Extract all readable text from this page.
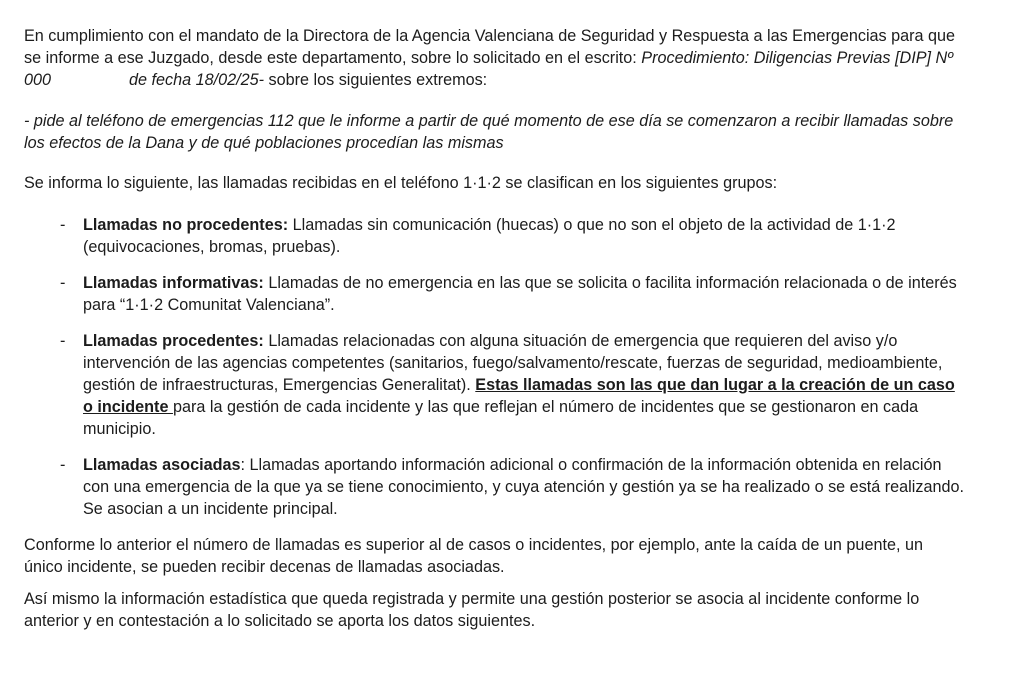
En cumplimiento con el mandato de la Directora de la Agencia Valenciana de Seguridad y Respuesta a las Emergencias para que se informe a ese Juzgado, desde este departamento, sobre lo solicitado en el escrito: Procedimiento: Diligencias Previas [DIP] Nº 000	de fecha 18/02/25- sobre los siguientes extremos:

- pide al teléfono de emergencias 112 que le informe a partir de qué momento de ese día se comenzaron a recibir llamadas sobre los efectos de la Dana y de qué poblaciones procedían las mismas

Se informa lo siguiente, las llamadas recibidas en el teléfono 1·1·2 se clasifican en los siguientes grupos:

- Llamadas no procedentes: Llamadas sin comunicación (huecas) o que no son el objeto de la actividad de 1·1·2 (equivocaciones, bromas, pruebas).
- Llamadas informativas: Llamadas de no emergencia en las que se solicita o facilita información relacionada o de interés para “1·1·2 Comunitat Valenciana”.
- Llamadas procedentes: Llamadas relacionadas con alguna situación de emergencia que requieren del aviso y/o intervención de las agencias competentes (sanitarios, fuego/salvamento/rescate, fuerzas de seguridad, medioambiente, gestión de infraestructuras, Emergencias Generalitat). Estas llamadas son las que dan lugar a la creación de un caso o incidente para la gestión de cada incidente y las que reflejan el número de incidentes que se gestionaron en cada municipio.
- Llamadas asociadas: Llamadas aportando información adicional o confirmación de la información obtenida en relación con una emergencia de la que ya se tiene conocimiento, y cuya atención y gestión ya se ha realizado o se está realizando. Se asocian a un incidente principal.

Conforme lo anterior el número de llamadas es superior al de casos o incidentes, por ejemplo, ante la caída de un puente, un único incidente, se pueden recibir decenas de llamadas asociadas.

Así mismo la información estadística que queda registrada y permite una gestión posterior se asocia al incidente conforme lo anterior y en contestación a lo solicitado se aporta los datos siguientes.
